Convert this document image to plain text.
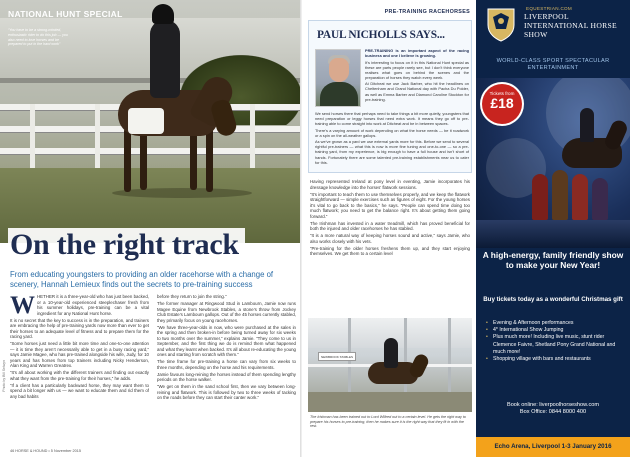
NATIONAL HUNT SPECIAL
“You have to be a strong-minded, enthusiastic rider to do this job — you also need to love horses and be prepared to put in the hard work”
On the right track
From educating youngsters to providing an older racehorse with a change of scenery, Hannah Lemieux finds out the secrets to pre-training success

WHETHER it is a three-year-old who has just been backed, or a 10-year-old experienced steeplechaser fresh from his summer holidays, pre-training can be a vital ingredient for any National Hunt horse.

It is no secret that the key to success is in the preparation, and trainers are embracing the help of pre-training yards now more than ever to get their horses to an adequate level of fitness and to prepare them for the racing yard.

“Some horses just need a little bit more time and one-to-one attention — it is time they aren’t necessarily able to get in a busy racing yard,” says Jamie Magee, who has pre-trained alongside his wife, Judy, for 10 years and has horses from top trainers including Nicky Henderson, Alan King and Warren Greatrex.

“It’s all about working with the different trainers and finding out exactly what they want from the pre-training for their horses,” he adds.

“If a client has a particularly backward horse, they may want them to spend a bit longer with us — we want to educate them and rid them of any bad habits

before they return to join the string.”

The former manager at Ringwood Stud in Lambourn, Jamie now runs Magee Equine from Newbrook Stables, a stone’s throw from Jockey Club Estate’s Lambourn gallops. Out of the 45 horses currently stabled, they primarily focus on young racehorses.

“We have three-year-olds in now, who were purchased at the sales in the spring and then broken-in before being turned away for six weeks to two months over the summer,” explains Jamie. “They come to us in September, and the first thing we do is remind them what happened and what they learnt when backed. It’s all about re-educating the young ones and starting from scratch with them.”

The time frame for pre-training a horse can vary from six weeks to three months, depending on the horse and his requirements.

Jamie favours long-reining the horses instead of them spending lengthy periods on the horse walker.

“We get on them in the sand school first, then we vary between long-reining and flatwork. This is followed by two to three weeks of tacking on the roads before they can start their canter work.”

Photo by Bill Selwyn
46 HORSE & HOUND • 5 November 2015
PRE-TRAINING RACEHORSES
PAUL NICHOLLS SAYS...

PRE-TRAINING is an important aspect of the racing business and one I believe is growing.

It’s interesting to focus on it in this National Hunt special as these are parts people rarely see, but I don’t think everyone realises what goes on behind the scenes and the preparation of horses they watch every week.

At Ditcheat we use Jack Barber, who hit the headlines on Cheltenham and Grand National day with Pacha Du Polder, as well as Emma Barber and Diamond Caroline Stockton for pre-training.

We send horses there that perhaps need to take things a bit more quietly, youngsters that need preparation or leggy horses that need extra work. It means they go off to pre-training able to come straight into work at Ditcheat and be in between spaces.

There’s a varying amount of work depending on what the horse needs — be it roadwork or a spin on the all-weather gallops.

As we’ve grown as a yard we use external yards more for this. Before we send to several rightful pre-trainers — what this is now is more fine tuning and one-to-one — so a pre-training yard, from my experience, is big enough to have a full house and isn’t short of hands. Fortunately there are some talented pre-training establishments near us to cater for this.

Having represented Ireland at pony level in eventing, Jamie incorporates his dressage knowledge into the horses’ flatwork sessions.

“It’s important to teach them to use themselves properly, and we keep the flatwork straightforward — simple exercises such as figures of eight. For the young horses it’s vital to go back to the basics,” he says. “People can spend time doing too much flatwork; you need to get the balance right. It’s about getting them going forward.”

The Irishman has invested in a water treadmill, which has proved beneficial for both the injured and older racehorses he has stabled.

“It is a more natural way of keeping horses sound and active,” says Jamie, who also works closely with his vets.

“Pre-training for the older horses freshens them up, and they start enjoying themselves. We get them to a certain level

NEWBROOK STABLES
The Irishman has been trained out to Lord Wilfred out to a certain level. He gets the right way to prepare his horses to pre-training, then he makes sure it is the right way that they fit in with the rest.
EQUESTRIAN.COM
LIVERPOOL INTERNATIONAL HORSE SHOW
WORLD-CLASS SPORT SPECTACULAR ENTERTAINMENT
Tickets from
£18
A high-energy, family friendly show to make your New Year!
Buy tickets today as a wonderful Christmas gift
• Evening & Afternoon performances
• 4* International Show Jumping
• Plus much more! Including live music, stunt rider Clemence Faivre, Shetland Pony Grand National and much more!
• Shopping village with bars and restaurants
Book online: liverpoolhorseshow.com
Box Office: 0844 8000 400
Echo Arena, Liverpool 1-3 January 2016
